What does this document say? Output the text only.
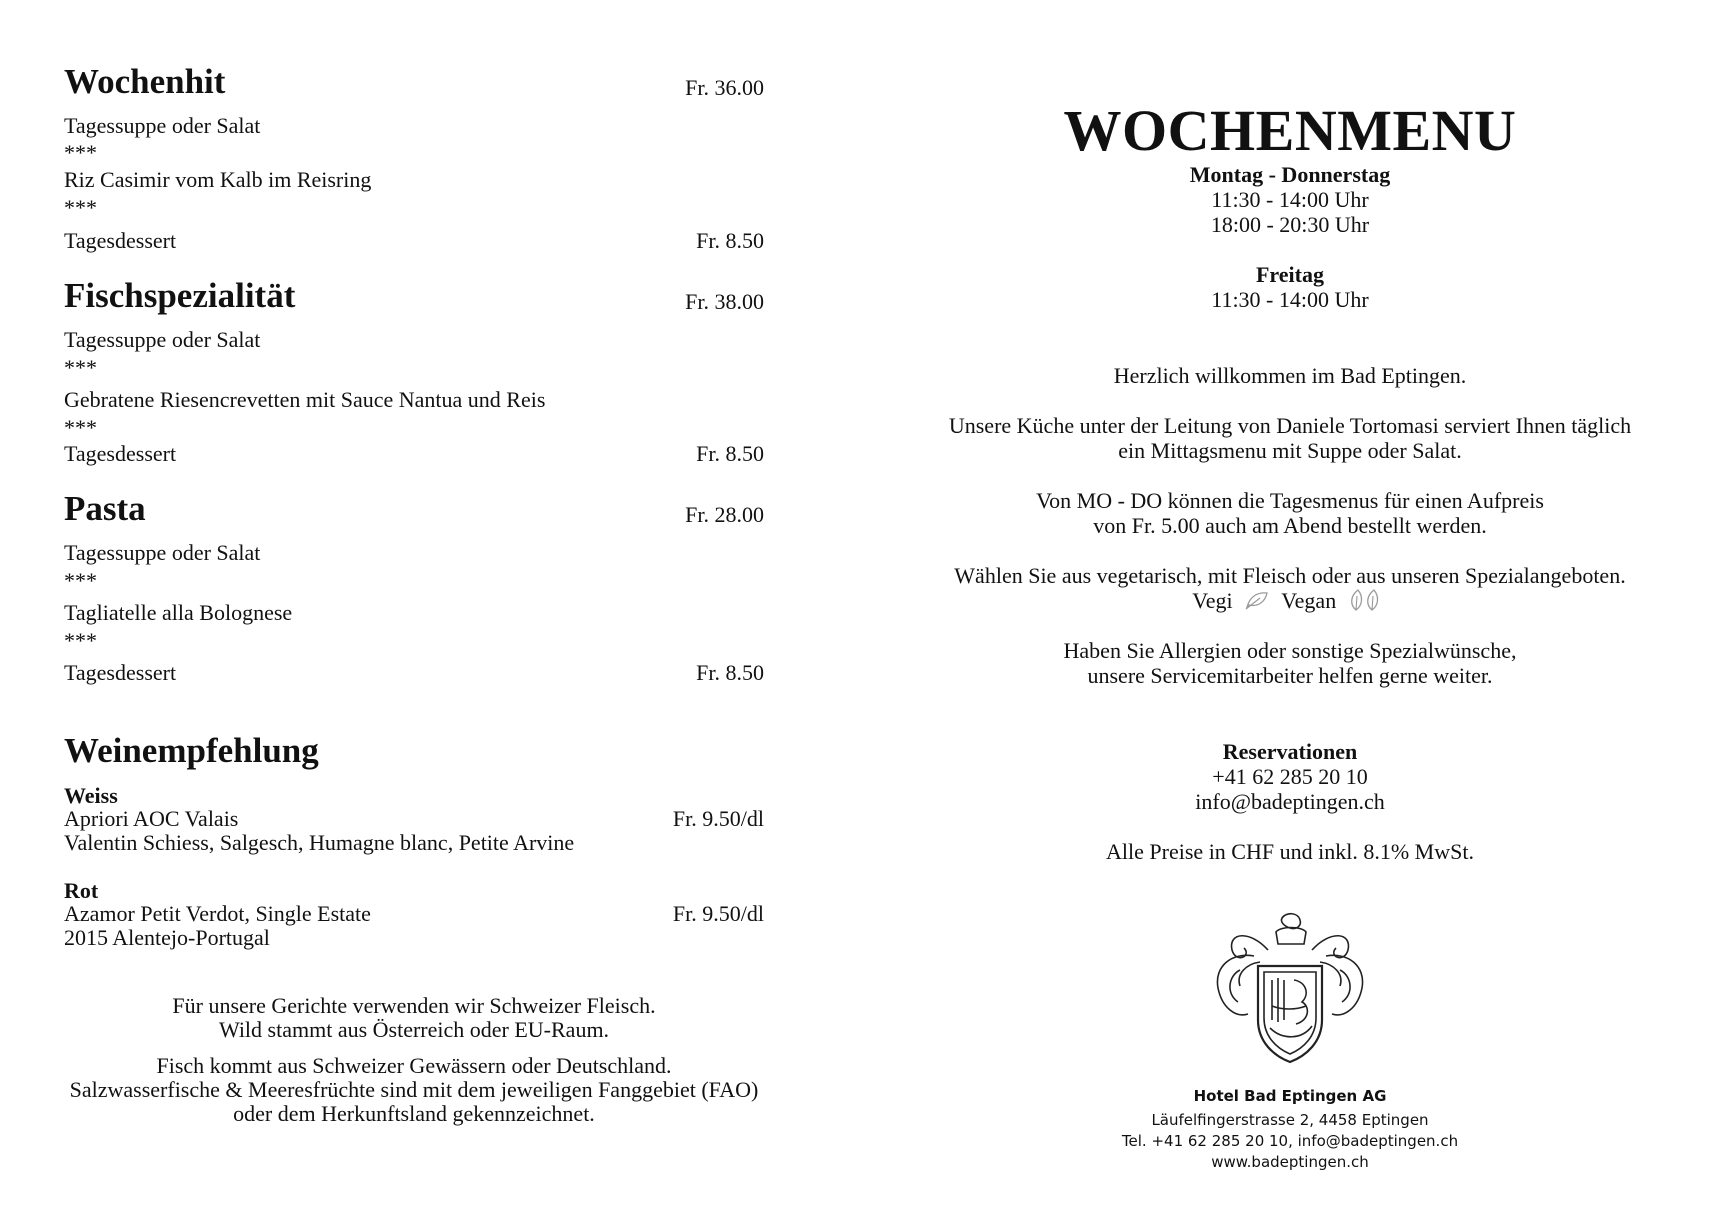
Wochenhit	Fr. 36.00
Tagessuppe oder Salat
***
Riz Casimir vom Kalb im Reisring
***
Tagesdessert	Fr. 8.50
Fischspezialität	Fr. 38.00
Tagessuppe oder Salat
***
Gebratene Riesencrevetten mit Sauce Nantua und Reis
***
Tagesdessert	Fr. 8.50
Pasta	Fr. 28.00
Tagessuppe oder Salat
***
Tagliatelle alla Bolognese
***
Tagesdessert	Fr. 8.50
Weinempfehlung
Weiss
Apriori AOC Valais	Fr. 9.50/dl
Valentin Schiess, Salgesch, Humagne blanc, Petite Arvine
Rot
Azamor Petit Verdot, Single Estate	Fr. 9.50/dl
2015 Alentejo-Portugal
Für unsere Gerichte verwenden wir Schweizer Fleisch.
Wild stammt aus Österreich oder EU-Raum.
Fisch kommt aus Schweizer Gewässern oder Deutschland.
Salzwasserfische & Meeresfrüchte sind mit dem jeweiligen Fanggebiet (FAO)
oder dem Herkunftsland gekennzeichnet.
WOCHENMENU
Montag - Donnerstag
11:30 - 14:00 Uhr
18:00 - 20:30 Uhr
Freitag
11:30 - 14:00 Uhr
Herzlich willkommen im Bad Eptingen.
Unsere Küche unter der Leitung von Daniele Tortomasi serviert Ihnen täglich
ein Mittagsmenu mit Suppe oder Salat.
Von MO - DO können die Tagesmenus für einen Aufpreis
von Fr. 5.00 auch am Abend bestellt werden.
Wählen Sie aus vegetarisch, mit Fleisch oder aus unseren Spezialangeboten.
Vegi Vegan
Haben Sie Allergien oder sonstige Spezialwünsche,
unsere Servicemitarbeiter helfen gerne weiter.
Reservationen
+41 62 285 20 10
info@badeptingen.ch
Alle Preise in CHF und inkl. 8.1% MwSt.
Hotel Bad Eptingen AG
Läufelfingerstrasse 2, 4458 Eptingen
Tel. +41 62 285 20 10, info@badeptingen.ch
www.badeptingen.ch
